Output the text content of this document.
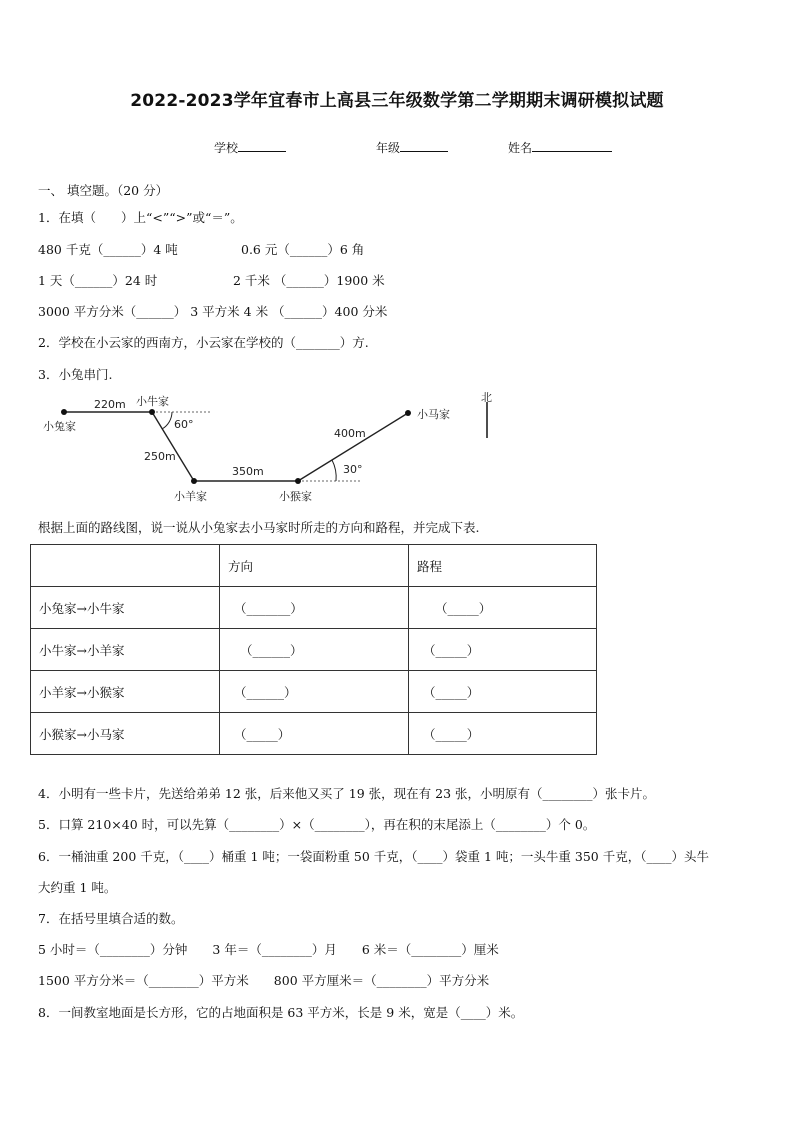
2022-2023学年宜春市上高县三年级数学第二学期期末调研模拟试题
学校	年级	姓名
一、 填空题。（20 分）
1．在填（　　）上“<”“>”或“＝”。
480 千克（______）4 吨	0.6 元（______）6 角
1 天（______）24 时	2 千米 （______）1900 米
3000 平方分米（______） 3 平方米 4 米 （______）400 分米
2．学校在小云家的西南方，小云家在学校的（_______）方.
3．小兔串门.
小兔家
小牛家
小羊家	小猴家
小马家
220m
250m
350m
400m
60°
30°
北
根据上面的路线图，说一说从小兔家去小马家时所走的方向和路程，并完成下表.
	方向	路程
小兔家→小牛家	（_______）	（_____）
小牛家→小羊家	（______）	（_____）
小羊家→小猴家	（______）	（_____）
小猴家→小马家	（_____）	（_____）
4．小明有一些卡片，先送给弟弟 12 张，后来他又买了 19 张，现在有 23 张，小明原有（________）张卡片。
5．口算 210×40 时，可以先算（________）×（________），再在积的末尾添上（________）个 0。
6．一桶油重 200 千克，（____）桶重 1 吨；一袋面粉重 50 千克，（____）袋重 1 吨；一头牛重 350 千克，（____）头牛
大约重 1 吨。
7．在括号里填合适的数。
5 小时＝（________）分钟　　3 年＝（________）月　　6 米＝（________）厘米
1500 平方分米＝（________）平方米　　800 平方厘米＝（________）平方分米
8．一间教室地面是长方形，它的占地面积是 63 平方米，长是 9 米，宽是（____）米。
